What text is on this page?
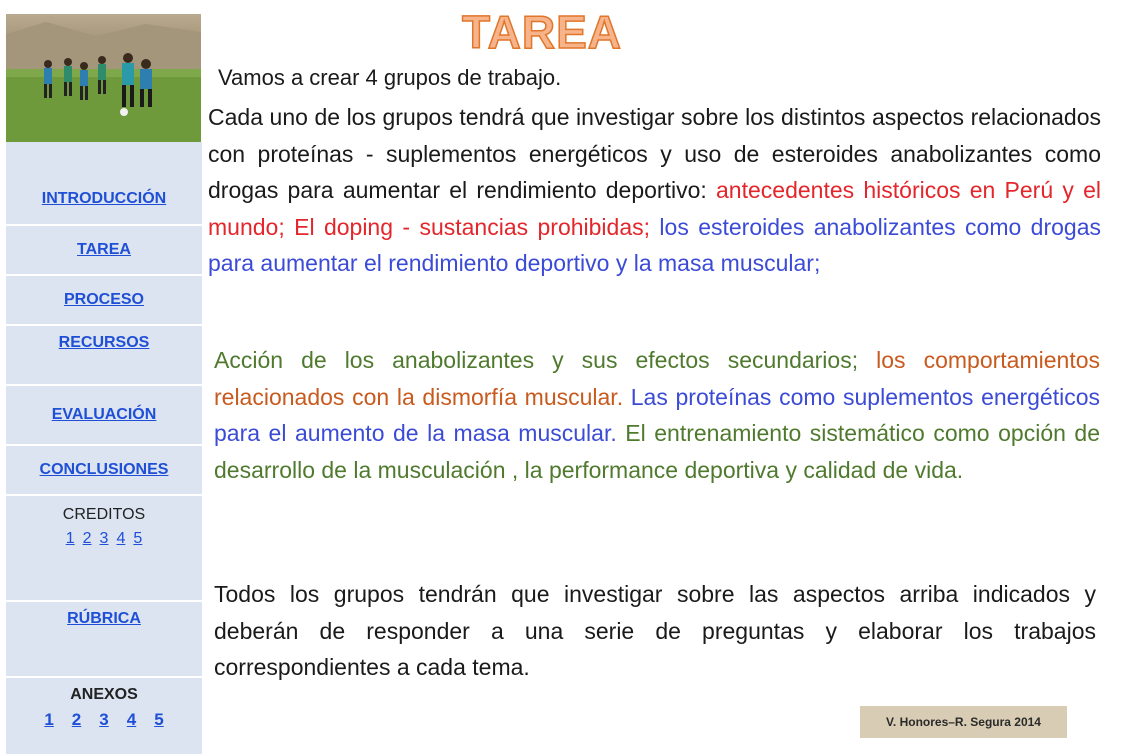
INTRODUCCIÓN
TAREA
PROCESO
RECURSOS
EVALUACIÓN
CONCLUSIONES
CREDITOS
1 2 3 4 5
RÚBRICA
ANEXOS
1 2 3 4 5
TAREA
Vamos a crear 4 grupos de trabajo.
Cada uno de los grupos tendrá que investigar sobre los distintos aspectos relacionados con proteínas - suplementos energéticos y uso de esteroides anabolizantes como drogas para aumentar el rendimiento deportivo: antecedentes históricos en Perú y el mundo; El doping - sustancias prohibidas; los esteroides anabolizantes como drogas para aumentar el rendimiento deportivo y la masa muscular;
Acción de los anabolizantes y sus efectos secundarios; los comportamientos relacionados con la dismorfía muscular. Las proteínas como suplementos energéticos para el aumento de la masa muscular. El entrenamiento sistemático como opción de desarrollo de la musculación , la performance deportiva y calidad de vida.
Todos los grupos tendrán que investigar sobre las aspectos arriba indicados y deberán de responder a una serie de preguntas y elaborar los trabajos correspondientes a cada tema.
V. Honores–R. Segura 2014
